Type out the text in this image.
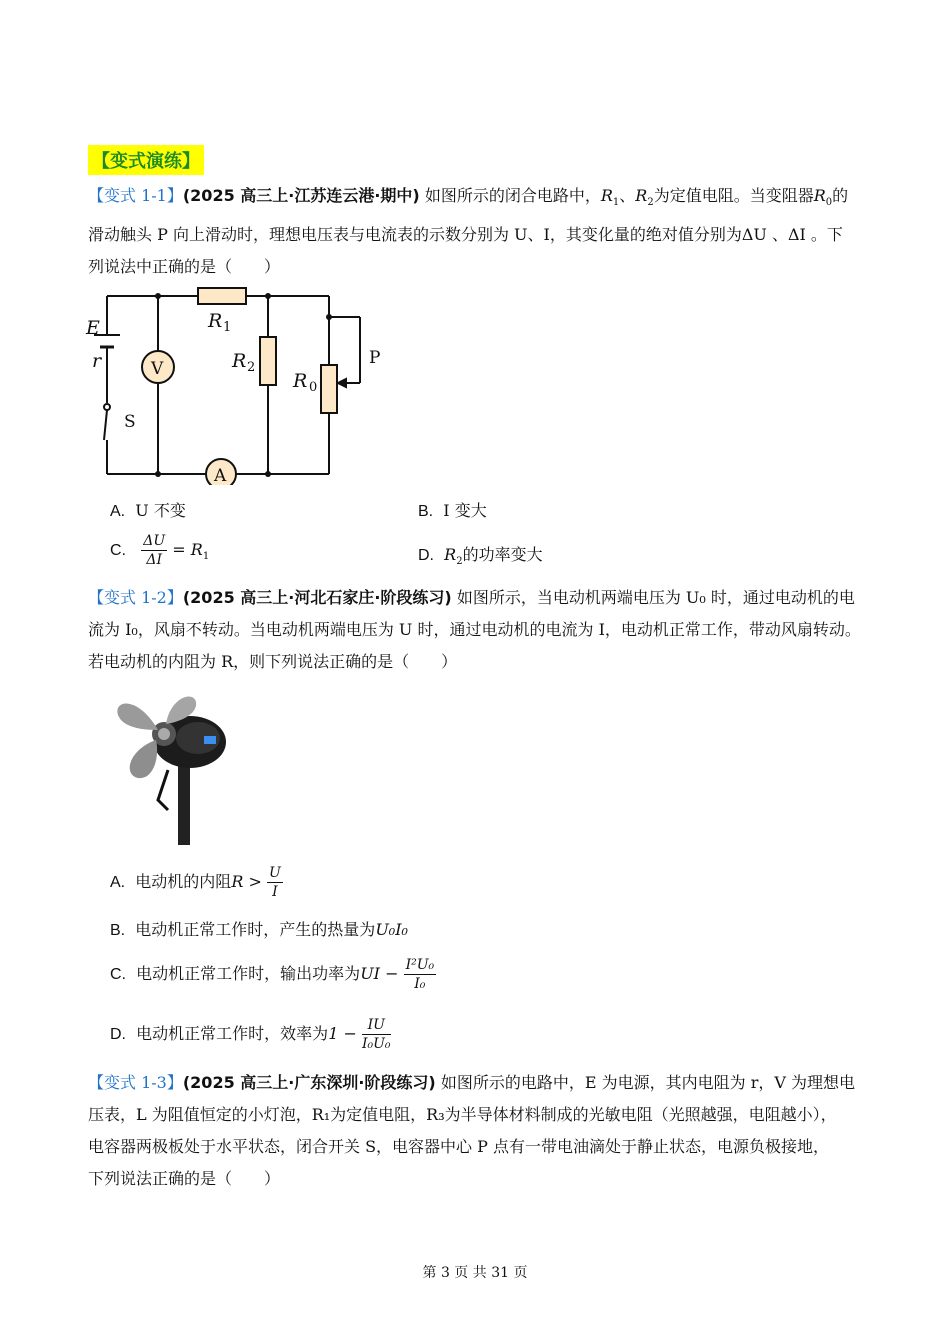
【变式演练】
【变式 1-1】(2025 高三上·江苏连云港·期中) 如图所示的闭合电路中，$R_1$、$R_2$为定值电阻。当变阻器$R_0$的
滑动触头 P 向上滑动时，理想电压表与电流表的示数分别为 U、I，其变化量的绝对值分别为ΔU 、ΔI 。下
列说法中正确的是（　　）
E
r
S
R 1
R 2
R 0
P
V
A
A. U 不变	B. I 变大
C. $\frac{\Delta U}{\Delta I} = R_1$	D. $R_2$的功率变大
【变式 1-2】(2025 高三上·河北石家庄·阶段练习) 如图所示，当电动机两端电压为 U₀ 时，通过电动机的电
流为 I₀，风扇不转动。当电动机两端电压为 U 时，通过电动机的电流为 I，电动机正常工作，带动风扇转动。
若电动机的内阻为 R，则下列说法正确的是（　　）
A. 电动机的内阻$R > \frac{U}{I}$
B. 电动机正常工作时，产生的热量为U₀I₀
C. 电动机正常工作时，输出功率为UI − $\frac{\text{I²U₀}}{\text{I₀}}$
D. 电动机正常工作时，效率为$1 - \frac{IU}{\text{I₀U₀}}$
【变式 1-3】(2025 高三上·广东深圳·阶段练习) 如图所示的电路中，E 为电源，其内电阻为 r，V 为理想电
压表，L 为阻值恒定的小灯泡，R₁为定值电阻，R₃为半导体材料制成的光敏电阻（光照越强，电阻越小），
电容器两极板处于水平状态，闭合开关 S，电容器中心 P 点有一带电油滴处于静止状态，电源负极接地，
下列说法正确的是（　　）
第 3 页 共 31 页
